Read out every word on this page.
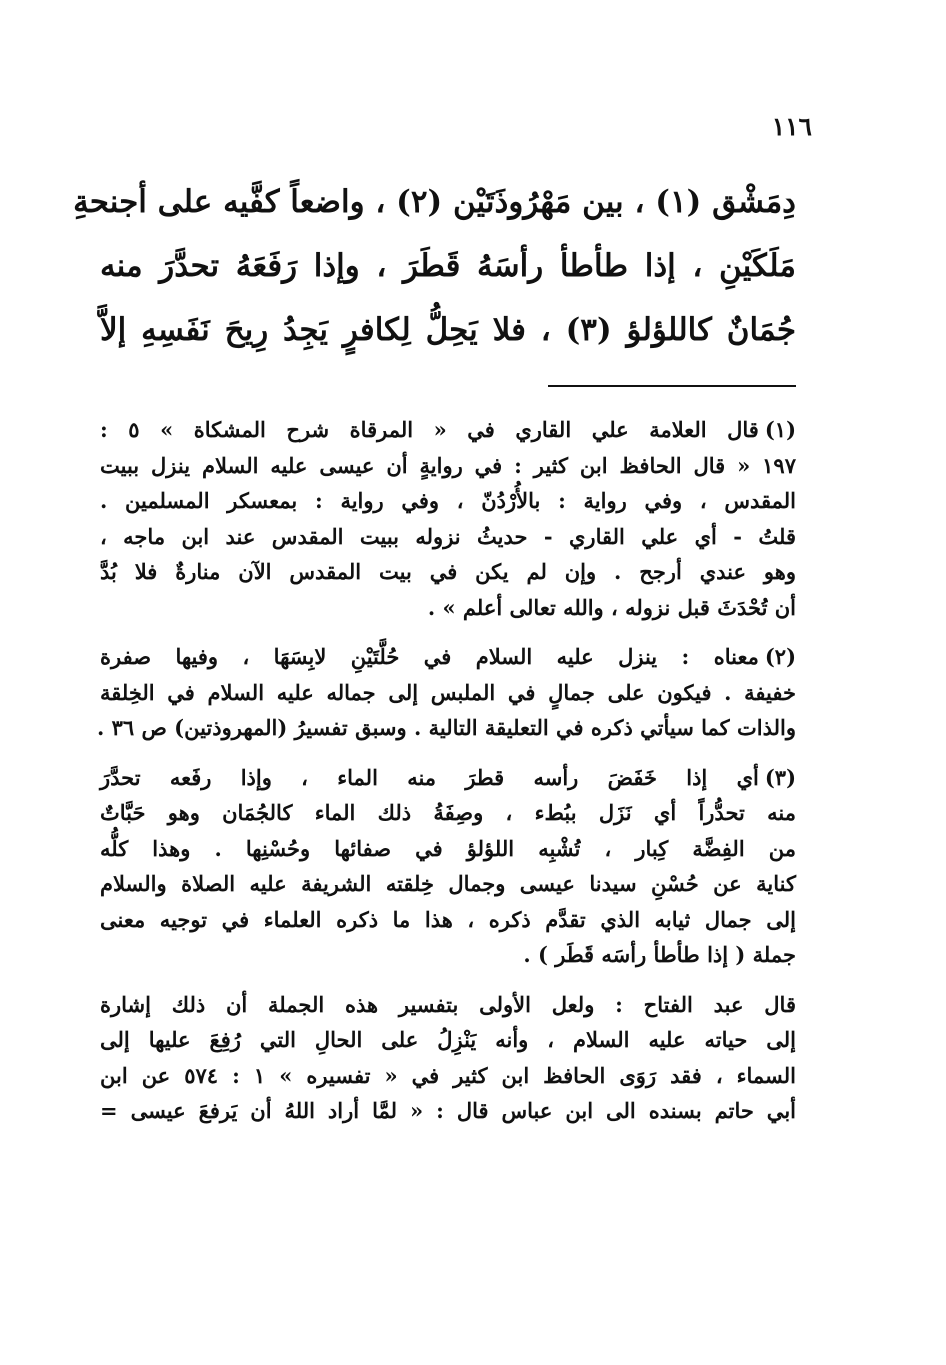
١١٦
دِمَشْق (١) ، بين مَهْرُوذَتَيْن (٢) ، واضعاً كفَّيه على أجنحةِ
مَلَكَيْنِ ، إذا طأطأ رأسَهُ قَطَرَ ، وإذا رَفَعَهُ تحدَّرَ منه
جُمَانٌ كاللؤلؤ (٣) ، فلا يَحِلُّ لِكافرٍ يَجِدُ رِيحَ نَفَسِهِ إلاَّ
(١)قال العلامة علي القاري في « المرقاة شرح المشكاة » ٥ :
١٩٧ « قال الحافظ ابن كثير : في روايةٍ أن عيسى عليه السلام ينزل ببيت
المقدس ، وفي رواية : بالأُرْدُنّ ، وفي رواية : بمعسكر المسلمين .
قلتُ - أي علي القاري - حديثُ نزوله ببيت المقدس عند ابن ماجه ،
وهو عندي أرجح . وإن لم يكن في بيت المقدس الآن منارةٌ فلا بُدَّ
أن تُحْدَثَ قبل نزوله ، والله تعالى أعلم » .
(٢)معناه : ينزل عليه السلام في حُلَّتَيْنِ لابِسَهَا ، وفيها صفرة
خفيفة . فيكون على جمالٍ في الملبس إلى جماله عليه السلام في الخِلقة
والذات كما سيأتي ذكره في التعليقة التالية . وسبق تفسيرُ (المهروذتين) ص ٣٦ .
(٣)أي إذا خَفَضَ رأسه قطرَ منه الماء ، وإذا رفَعه تحدَّرَ
منه تحدُّراً أي نَزَل ببُطء ، وصِفَةُ ذلك الماء كالجُمَان وهو حَبَّاتٌ
من الفِضَّة كِبار ، تُشْبِه اللؤلؤ في صفائها وحُسْنِها . وهذا كلُّه
كناية عن حُسْنِ سيدنا عيسى وجمال خِلقته الشريفة عليه الصلاة والسلام
إلى جمال ثيابه الذي تقدَّم ذكره ، هذا ما ذكره العلماء في توجيه معنى
جملة ( إذا طأطأ رأسَه قَطَر ) .
قال عبد الفتاح : ولعل الأولى بتفسير هذه الجملة أن ذلك إشارة
إلى حياته عليه السلام ، وأنه يَنْزِلُ على الحالِ التي رُفِعَ عليها إلى
السماء ، فقد رَوَى الحافظ ابن كثير في « تفسيره » ١ : ٥٧٤ عن ابن
أبي حاتم بسنده الى ابن عباس قال : « لمَّا أراد اللهُ أن يَرفعَ عيسى =
